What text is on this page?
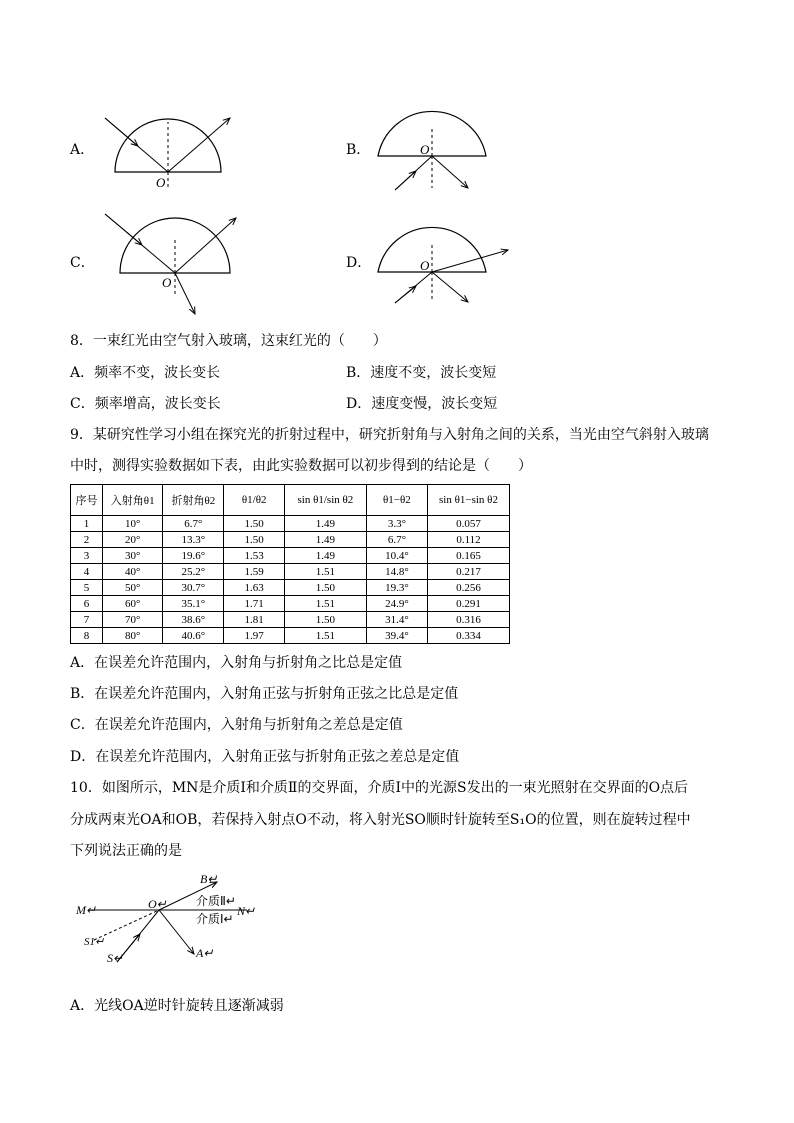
A．	B．
C．	D．
O
O
O
O
8．一束红光由空气射入玻璃，这束红光的（　　）
A．频率不变，波长变长	B．速度不变，波长变短
C．频率增高，波长变长	D．速度变慢，波长变短
9．某研究性学习小组在探究光的折射过程中，研究折射角与入射角之间的关系，当光由空气斜射入玻璃
中时，测得实验数据如下表，由此实验数据可以初步得到的结论是（　　）
序号	入射角θ1	折射角θ2	θ1/θ2	sin θ1/sin θ2	θ1−θ2	sin θ1−sin θ2
1	10°	6.7°	1.50	1.49	3.3°	0.057
2	20°	13.3°	1.50	1.49	6.7°	0.112
3	30°	19.6°	1.53	1.49	10.4°	0.165
4	40°	25.2°	1.59	1.51	14.8°	0.217
5	50°	30.7°	1.63	1.50	19.3°	0.256
6	60°	35.1°	1.71	1.51	24.9°	0.291
7	70°	38.6°	1.81	1.50	31.4°	0.316
8	80°	40.6°	1.97	1.51	39.4°	0.334
A．在误差允许范围内，入射角与折射角之比总是定值
B．在误差允许范围内，入射角正弦与折射角正弦之比总是定值
C．在误差允许范围内，入射角与折射角之差总是定值
D．在误差允许范围内，入射角正弦与折射角正弦之差总是定值
10．如图所示，MN是介质Ⅰ和介质Ⅱ的交界面，介质Ⅰ中的光源S发出的一束光照射在交界面的O点后
分成两束光OA和OB，若保持入射点O不动，将入射光SO顺时针旋转至S₁O的位置，则在旋转过程中
下列说法正确的是
B↵
O↵
M↵	N↵
介质Ⅱ↵
介质Ⅰ↵
S1↵
S↵	A↵
A．光线OA逆时针旋转且逐渐减弱
